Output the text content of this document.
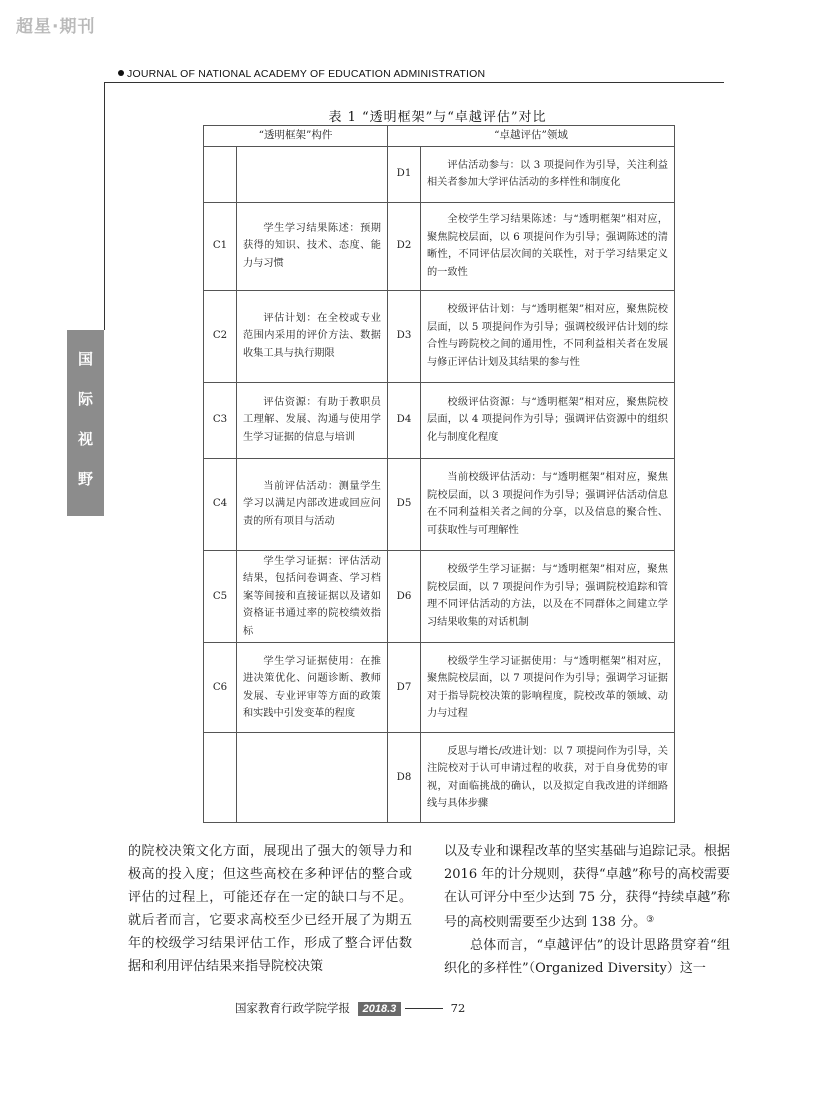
超星·期刊
JOURNAL OF NATIONAL ACADEMY OF EDUCATION ADMINISTRATION
国
际
视
野
表 1 “透明框架”与“卓越评估”对比
“透明框架”构件		“卓越评估”领域	
		D1	评估活动参与：以 3 项提问作为引导，关注利益相关者参加大学评估活动的多样性和制度化
C1	学生学习结果陈述：预期获得的知识、技术、态度、能力与习惯	D2	全校学生学习结果陈述：与“透明框架”相对应，聚焦院校层面，以 6 项提问作为引导；强调陈述的清晰性，不同评估层次间的关联性，对于学习结果定义的一致性
C2	评估计划：在全校或专业范围内采用的评价方法、数据收集工具与执行期限	D3	校级评估计划：与“透明框架”相对应，聚焦院校层面，以 5 项提问作为引导；强调校级评估计划的综合性与跨院校之间的通用性，不同利益相关者在发展与修正评估计划及其结果的参与性
C3	评估资源：有助于教职员工理解、发展、沟通与使用学生学习证据的信息与培训	D4	校级评估资源：与“透明框架”相对应，聚焦院校层面，以 4 项提问作为引导；强调评估资源中的组织化与制度化程度
C4	当前评估活动：测量学生学习以满足内部改进或回应问责的所有项目与活动	D5	当前校级评估活动：与“透明框架”相对应，聚焦院校层面，以 3 项提问作为引导；强调评估活动信息在不同利益相关者之间的分享，以及信息的聚合性、可获取性与可理解性
C5	学生学习证据：评估活动结果，包括问卷调查、学习档案等间接和直接证据以及诸如资格证书通过率的院校绩效指标	D6	校级学生学习证据：与“透明框架”相对应，聚焦院校层面，以 7 项提问作为引导；强调院校追踪和管理不同评估活动的方法，以及在不同群体之间建立学习结果收集的对话机制
C6	学生学习证据使用：在推进决策优化、问题诊断、教师发展、专业评审等方面的政策和实践中引发变革的程度	D7	校级学生学习证据使用：与“透明框架”相对应，聚焦院校层面，以 7 项提问作为引导；强调学习证据对于指导院校决策的影响程度，院校改革的领域、动力与过程
		D8	反思与增长/改进计划：以 7 项提问作为引导，关注院校对于认可申请过程的收获，对于自身优势的审视，对面临挑战的确认，以及拟定自我改进的详细路线与具体步骤

的院校决策文化方面，展现出了强大的领导力和极高的投入度；但这些高校在多种评估的整合或评估的过程上，可能还存在一定的缺口与不足。就后者而言，它要求高校至少已经开展了为期五年的校级学习结果评估工作，形成了整合评估数据和利用评估结果来指导院校决策

以及专业和课程改革的坚实基础与追踪记录。根据 2016 年的计分规则，获得“卓越”称号的高校需要在认可评分中至少达到 75 分，获得“持续卓越”称号的高校则需要至少达到 138 分。③

总体而言，“卓越评估”的设计思路贯穿着“组织化的多样性”（Organized Diversity）这一

国家教育行政学院学报 2018.3	72
